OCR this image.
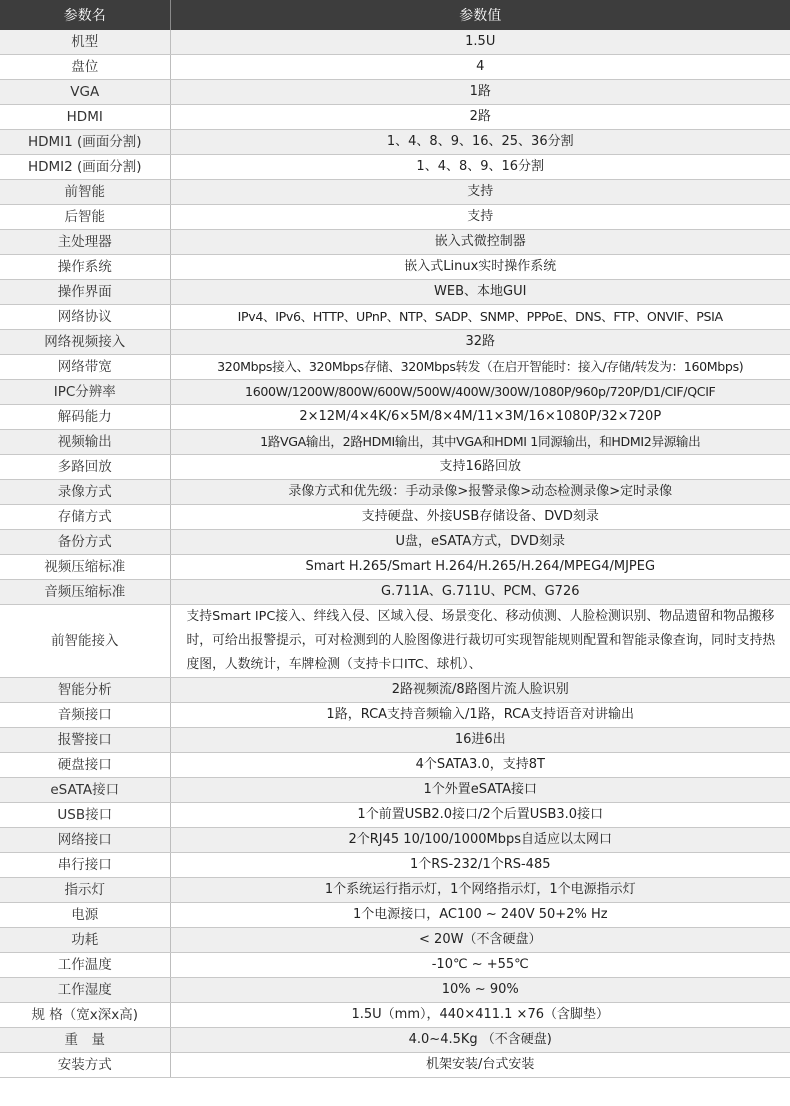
参数名	参数值
机型	1.5U
盘位	4
VGA	1路
HDMI	2路
HDMI1 (画面分割)	1、4、8、9、16、25、36分割
HDMI2 (画面分割)	1、4、8、9、16分割
前智能	支持
后智能	支持
主处理器	嵌入式微控制器
操作系统	嵌入式Linux实时操作系统
操作界面	WEB、本地GUI
网络协议	IPv4、IPv6、HTTP、UPnP、NTP、SADP、SNMP、PPPoE、DNS、FTP、ONVIF、PSIA
网络视频接入	32路
网络带宽	320Mbps接入、320Mbps存储、320Mbps转发（在启开智能时：接入/存储/转发为：160Mbps)
IPC分辨率	1600W/1200W/800W/600W/500W/400W/300W/1080P/960p/720P/D1/CIF/QCIF
解码能力	2×12M/4×4K/6×5M/8×4M/11×3M/16×1080P/32×720P
视频输出	1路VGA输出，2路HDMI输出，其中VGA和HDMI 1同源输出，和HDMI2异源输出
多路回放	支持16路回放
录像方式	录像方式和优先级：手动录像>报警录像>动态检测录像>定时录像
存储方式	支持硬盘、外接USB存储设备、DVD刻录
备份方式	U盘，eSATA方式，DVD刻录
视频压缩标准	Smart H.265/Smart H.264/H.265/H.264/MPEG4/MJPEG
音频压缩标准	G.711A、G.711U、PCM、G726
前智能接入	支持Smart IPC接入、绊线入侵、区域入侵、场景变化、移动侦测、人脸检测识别、物品遗留和物品搬移时，可给出报警提示，可对检测到的人脸图像进行裁切可实现智能规则配置和智能录像查询，同时支持热度图，人数统计，车牌检测（支持卡口ITC、球机）、
智能分析	2路视频流/8路图片流人脸识别
音频接口	1路，RCA支持音频输入/1路，RCA支持语音对讲输出
报警接口	16进6出
硬盘接口	4个SATA3.0，支持8T
eSATA接口	1个外置eSATA接口
USB接口	1个前置USB2.0接口/2个后置USB3.0接口
网络接口	2个RJ45 10/100/1000Mbps自适应以太网口
串行接口	1个RS-232/1个RS-485
指示灯	1个系统运行指示灯，1个网络指示灯，1个电源指示灯
电源	1个电源接口，AC100 ~ 240V 50+2% Hz
功耗	< 20W（不含硬盘）
工作温度	-10℃ ~ +55℃
工作湿度	10% ~ 90%
规 格（宽x深x高)	1.5U（mm），440×411.1 ×76（含脚垫）
重　量	4.0~4.5Kg （不含硬盘)
安装方式	机架安装/台式安装
